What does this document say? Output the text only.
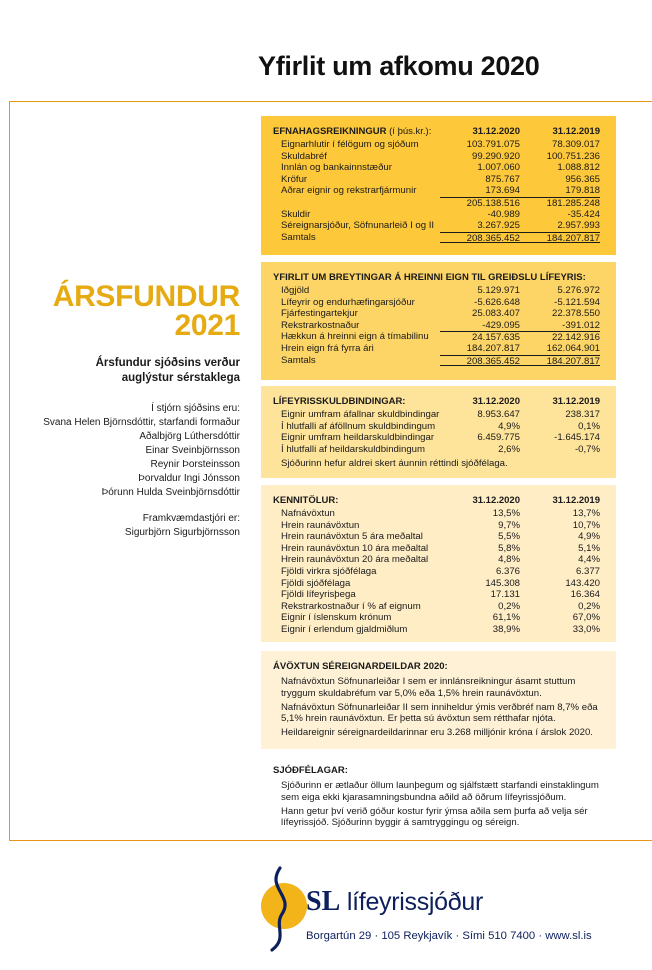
Yfirlit um afkomu 2020
ÁRSFUNDUR
2021
Ársfundur sjóðsins verður
auglýstur sérstaklega
Í stjórn sjóðsins eru:
Svana Helen Björnsdóttir, starfandi formaður
Aðalbjörg Lúthersdóttir
Einar Sveinbjörnsson
Reynir Þorsteinsson
Þorvaldur Ingi Jónsson
Þórunn Hulda Sveinbjörnsdóttir
Framkvæmdastjóri er:
Sigurbjörn Sigurbjörnsson
EFNAHAGSREIKNINGUR (í þús.kr.):	31.12.2020	31.12.2019
Eignarhlutir í félögum og sjóðum	103.791.075	78.309.017
Skuldabréf	99.290.920	100.751.236
Innlán og bankainnstæður	1.007.060	1.088.812
Kröfur	875.767	956.365
Aðrar eignir og rekstrarfjármunir	173.694	179.818
205.138.516	181.285.248
Skuldir	-40.989	-35.424
Séreignarsjóður, Söfnunarleið I og II	3.267.925	2.957.993
Samtals	208.365.452	184.207.817
YFIRLIT UM BREYTINGAR Á HREINNI EIGN TIL GREIÐSLU LÍFEYRIS:
Iðgjöld	5.129.971	5.276.972
Lífeyrir og endurhæfingarsjóður	-5.626.648	-5.121.594
Fjárfestingartekjur	25.083.407	22.378.550
Rekstrarkostnaður	-429.095	-391.012
Hækkun á hreinni eign á tímabilinu	24.157.635	22.142.916
Hrein eign frá fyrra ári	184.207.817	162.064.901
Samtals	208.365.452	184.207.817
LÍFEYRISSKULDBINDINGAR:	31.12.2020	31.12.2019
Eignir umfram áfallnar skuldbindingar	8.953.647	238.317
Í hlutfalli af áföllnum skuldbindingum	4,9%	0,1%
Eignir umfram heildarskuldbindingar	6.459.775	-1.645.174
Í hlutfalli af heildarskuldbindingum	2,6%	-0,7%
Sjóðurinn hefur aldrei skert áunnin réttindi sjóðfélaga.
KENNITÖLUR:	31.12.2020	31.12.2019
Nafnávöxtun	13,5%	13,7%
Hrein raunávöxtun	9,7%	10,7%
Hrein raunávöxtun 5 ára meðaltal	5,5%	4,9%
Hrein raunávöxtun 10 ára meðaltal	5,8%	5,1%
Hrein raunávöxtun 20 ára meðaltal	4,8%	4,4%
Fjöldi virkra sjóðfélaga	6.376	6.377
Fjöldi sjóðfélaga	145.308	143.420
Fjöldi lífeyrisþega	17.131	16.364
Rekstrarkostnaður í % af eignum	0,2%	0,2%
Eignir í íslenskum krónum	61,1%	67,0%
Eignir í erlendum gjaldmiðlum	38,9%	33,0%
ÁVÖXTUN SÉREIGNARDEILDAR 2020:

Nafnávöxtun Söfnunarleiðar I sem er innlánsreikningur ásamt stuttum tryggum skuldabréfum var 5,0% eða 1,5% hrein raunávöxtun.

Nafnávöxtun Söfnunarleiðar II sem inniheldur ýmis verðbréf nam 8,7% eða 5,1% hrein raunávöxtun. Er þetta sú ávöxtun sem rétthafar njóta.

Heildareignir séreignardeildarinnar eru 3.268 milljónir króna í árslok 2020.

SJÓÐFÉLAGAR:

Sjóðurinn er ætlaður öllum launþegum og sjálfstætt starfandi einstaklingum sem eiga ekki kjarasamningsbundna aðild að öðrum lífeyrissjóðum.

Hann getur því verið góður kostur fyrir ýmsa aðila sem þurfa að velja sér lífeyrissjóð. Sjóðurinn byggir á samtryggingu og séreign.

SL lífeyrissjóður
Borgartún 29 · 105 Reykjavík · Sími 510 7400 · www.sl.is
